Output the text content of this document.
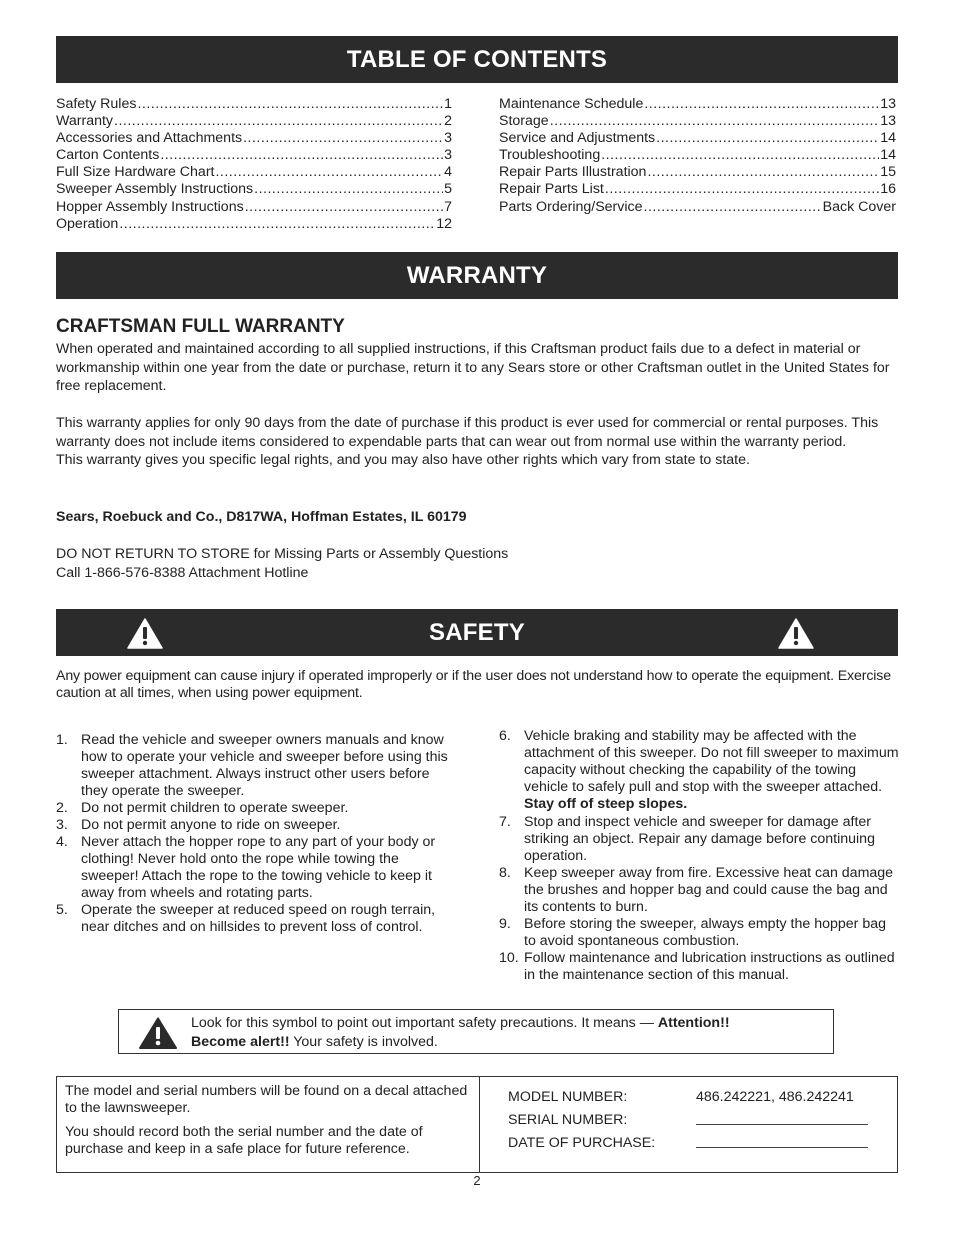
TABLE OF CONTENTS
Safety Rules .....	1
Warranty .....	2
Accessories and Attachments .....	3
Carton Contents .....	3
Full Size Hardware Chart .....	4
Sweeper Assembly Instructions .....	5
Hopper Assembly Instructions .....	7
Operation .....	12
Maintenance Schedule .....	13
Storage .....	13
Service and Adjustments .....	14
Troubleshooting .....	14
Repair Parts Illustration .....	15
Repair Parts List .....	16
Parts Ordering/Service .....	Back Cover
WARRANTY
CRAFTSMAN FULL WARRANTY

When operated and maintained according to all supplied instructions, if this Craftsman product fails due to a defect in material or workmanship within one year from the date or purchase, return it to any Sears store or other Craftsman outlet in the United States for free replacement.

This warranty applies for only 90 days from the date of purchase if this product is ever used for commercial or rental purposes. This warranty does not include items considered to expendable parts that can wear out from normal use within the warranty period.

This warranty gives you specific legal rights, and you may also have other rights which vary from state to state.

Sears, Roebuck and Co., D817WA, Hoffman Estates, IL 60179

DO NOT RETURN TO STORE for Missing Parts or Assembly Questions

Call 1-866-576-8388 Attachment Hotline

SAFETY
Any power equipment can cause injury if operated improperly or if the user does not understand how to operate the equipment. Exercise caution at all times, when using power equipment.
1. Read the vehicle and sweeper owners manuals and know how to operate your vehicle and sweeper before using this sweeper attachment. Always instruct other users before they operate the sweeper.
2. Do not permit children to operate sweeper.
3. Do not permit anyone to ride on sweeper.
4. Never attach the hopper rope to any part of your body or clothing! Never hold onto the rope while towing the sweeper! Attach the rope to the towing vehicle to keep it away from wheels and rotating parts.
5. Operate the sweeper at reduced speed on rough terrain, near ditches and on hillsides to prevent loss of control.
6. Vehicle braking and stability may be affected with the attachment of this sweeper. Do not fill sweeper to maximum capacity without checking the capability of the towing vehicle to safely pull and stop with the sweeper attached. Stay off of steep slopes.
7. Stop and inspect vehicle and sweeper for damage after striking an object. Repair any damage before continuing operation.
8. Keep sweeper away from fire. Excessive heat can damage the brushes and hopper bag and could cause the bag and its contents to burn.
9. Before storing the sweeper, always empty the hopper bag to avoid spontaneous combustion.
10. Follow maintenance and lubrication instructions as outlined in the maintenance section of this manual.
Look for this symbol to point out important safety precautions. It means — Attention!!
Become alert!! Your safety is involved.

The model and serial numbers will be found on a decal attached to the lawnsweeper.

You should record both the serial number and the date of purchase and keep in a safe place for future reference.

MODEL NUMBER:	486.242221, 486.242241
SERIAL NUMBER:
DATE OF PURCHASE:
2
